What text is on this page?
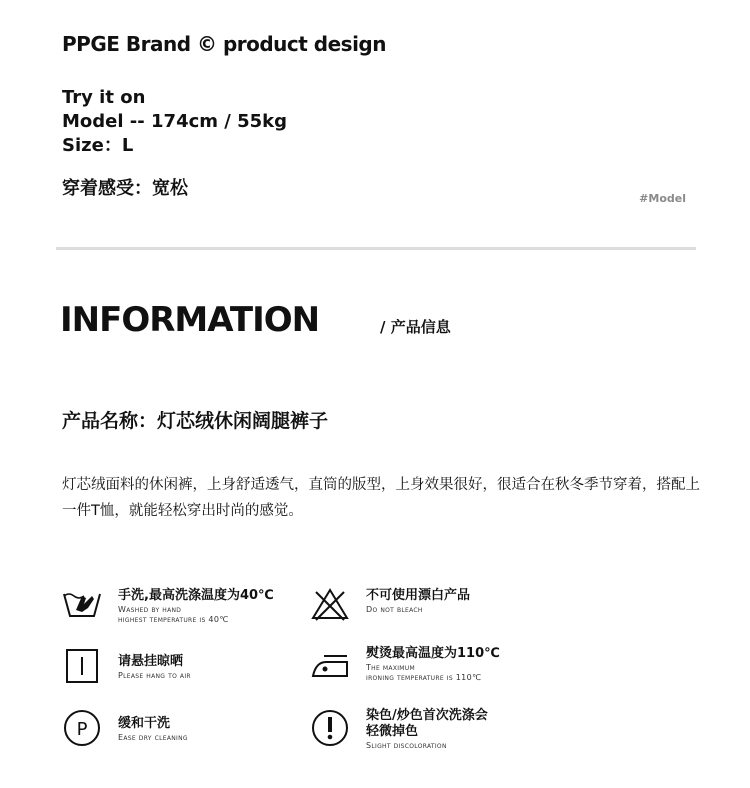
PPGE Brand © product design
Try it on
Model -- 174cm / 55kg
Size：L
穿着感受：宽松	#Model
INFORMATION	/ 产品信息
产品名称：灯芯绒休闲阔腿裤子
灯芯绒面料的休闲裤，上身舒适透气，直筒的版型，上身效果很好，很适合在秋冬季节穿着，搭配上一件T恤，就能轻松穿出时尚的感觉。
手洗,最高洗涤温度为40℃
Washed by hand
highest temperature is 40℃
不可使用漂白产品
Do not bleach
请悬挂晾晒
Please hang to air
熨烫最高温度为110℃
The maximum
ironing temperature is 110℃
P 缓和干洗
Ease dry cleaning
染色/炒色首次洗涤会
轻微掉色
Slight discoloration
